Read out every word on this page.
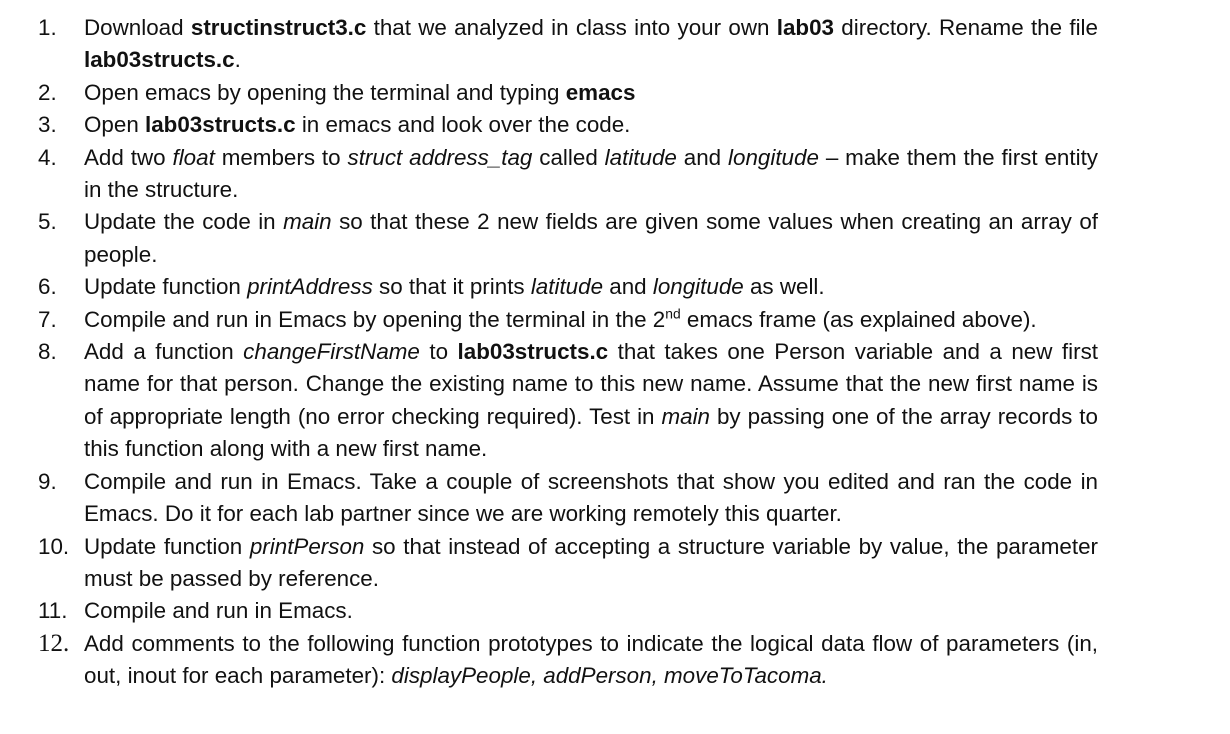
1.	Download structinstruct3.c that we analyzed in class into your own lab03 directory. Rename the file lab03structs.c.
2.	Open emacs by opening the terminal and typing emacs
3.	Open lab03structs.c in emacs and look over the code.
4.	Add two float members to struct address_tag called latitude and longitude – make them the first entity in the structure.
5.	Update the code in main so that these 2 new fields are given some values when creating an array of people.
6.	Update function printAddress so that it prints latitude and longitude as well.
7.	Compile and run in Emacs by opening the terminal in the 2nd emacs frame (as explained above).
8.	Add a function changeFirstName to lab03structs.c that takes one Person variable and a new first name for that person. Change the existing name to this new name. Assume that the new first name is of appropriate length (no error checking required). Test in main by passing one of the array records to this function along with a new first name.
9.	Compile and run in Emacs. Take a couple of screenshots that show you edited and ran the code in Emacs. Do it for each lab partner since we are working remotely this quarter.
10. Update function printPerson so that instead of accepting a structure variable by value, the parameter must be passed by reference.
11. Compile and run in Emacs.
12. Add comments to the following function prototypes to indicate the logical data flow of parameters (in, out, inout for each parameter): displayPeople, addPerson, moveToTacoma.
